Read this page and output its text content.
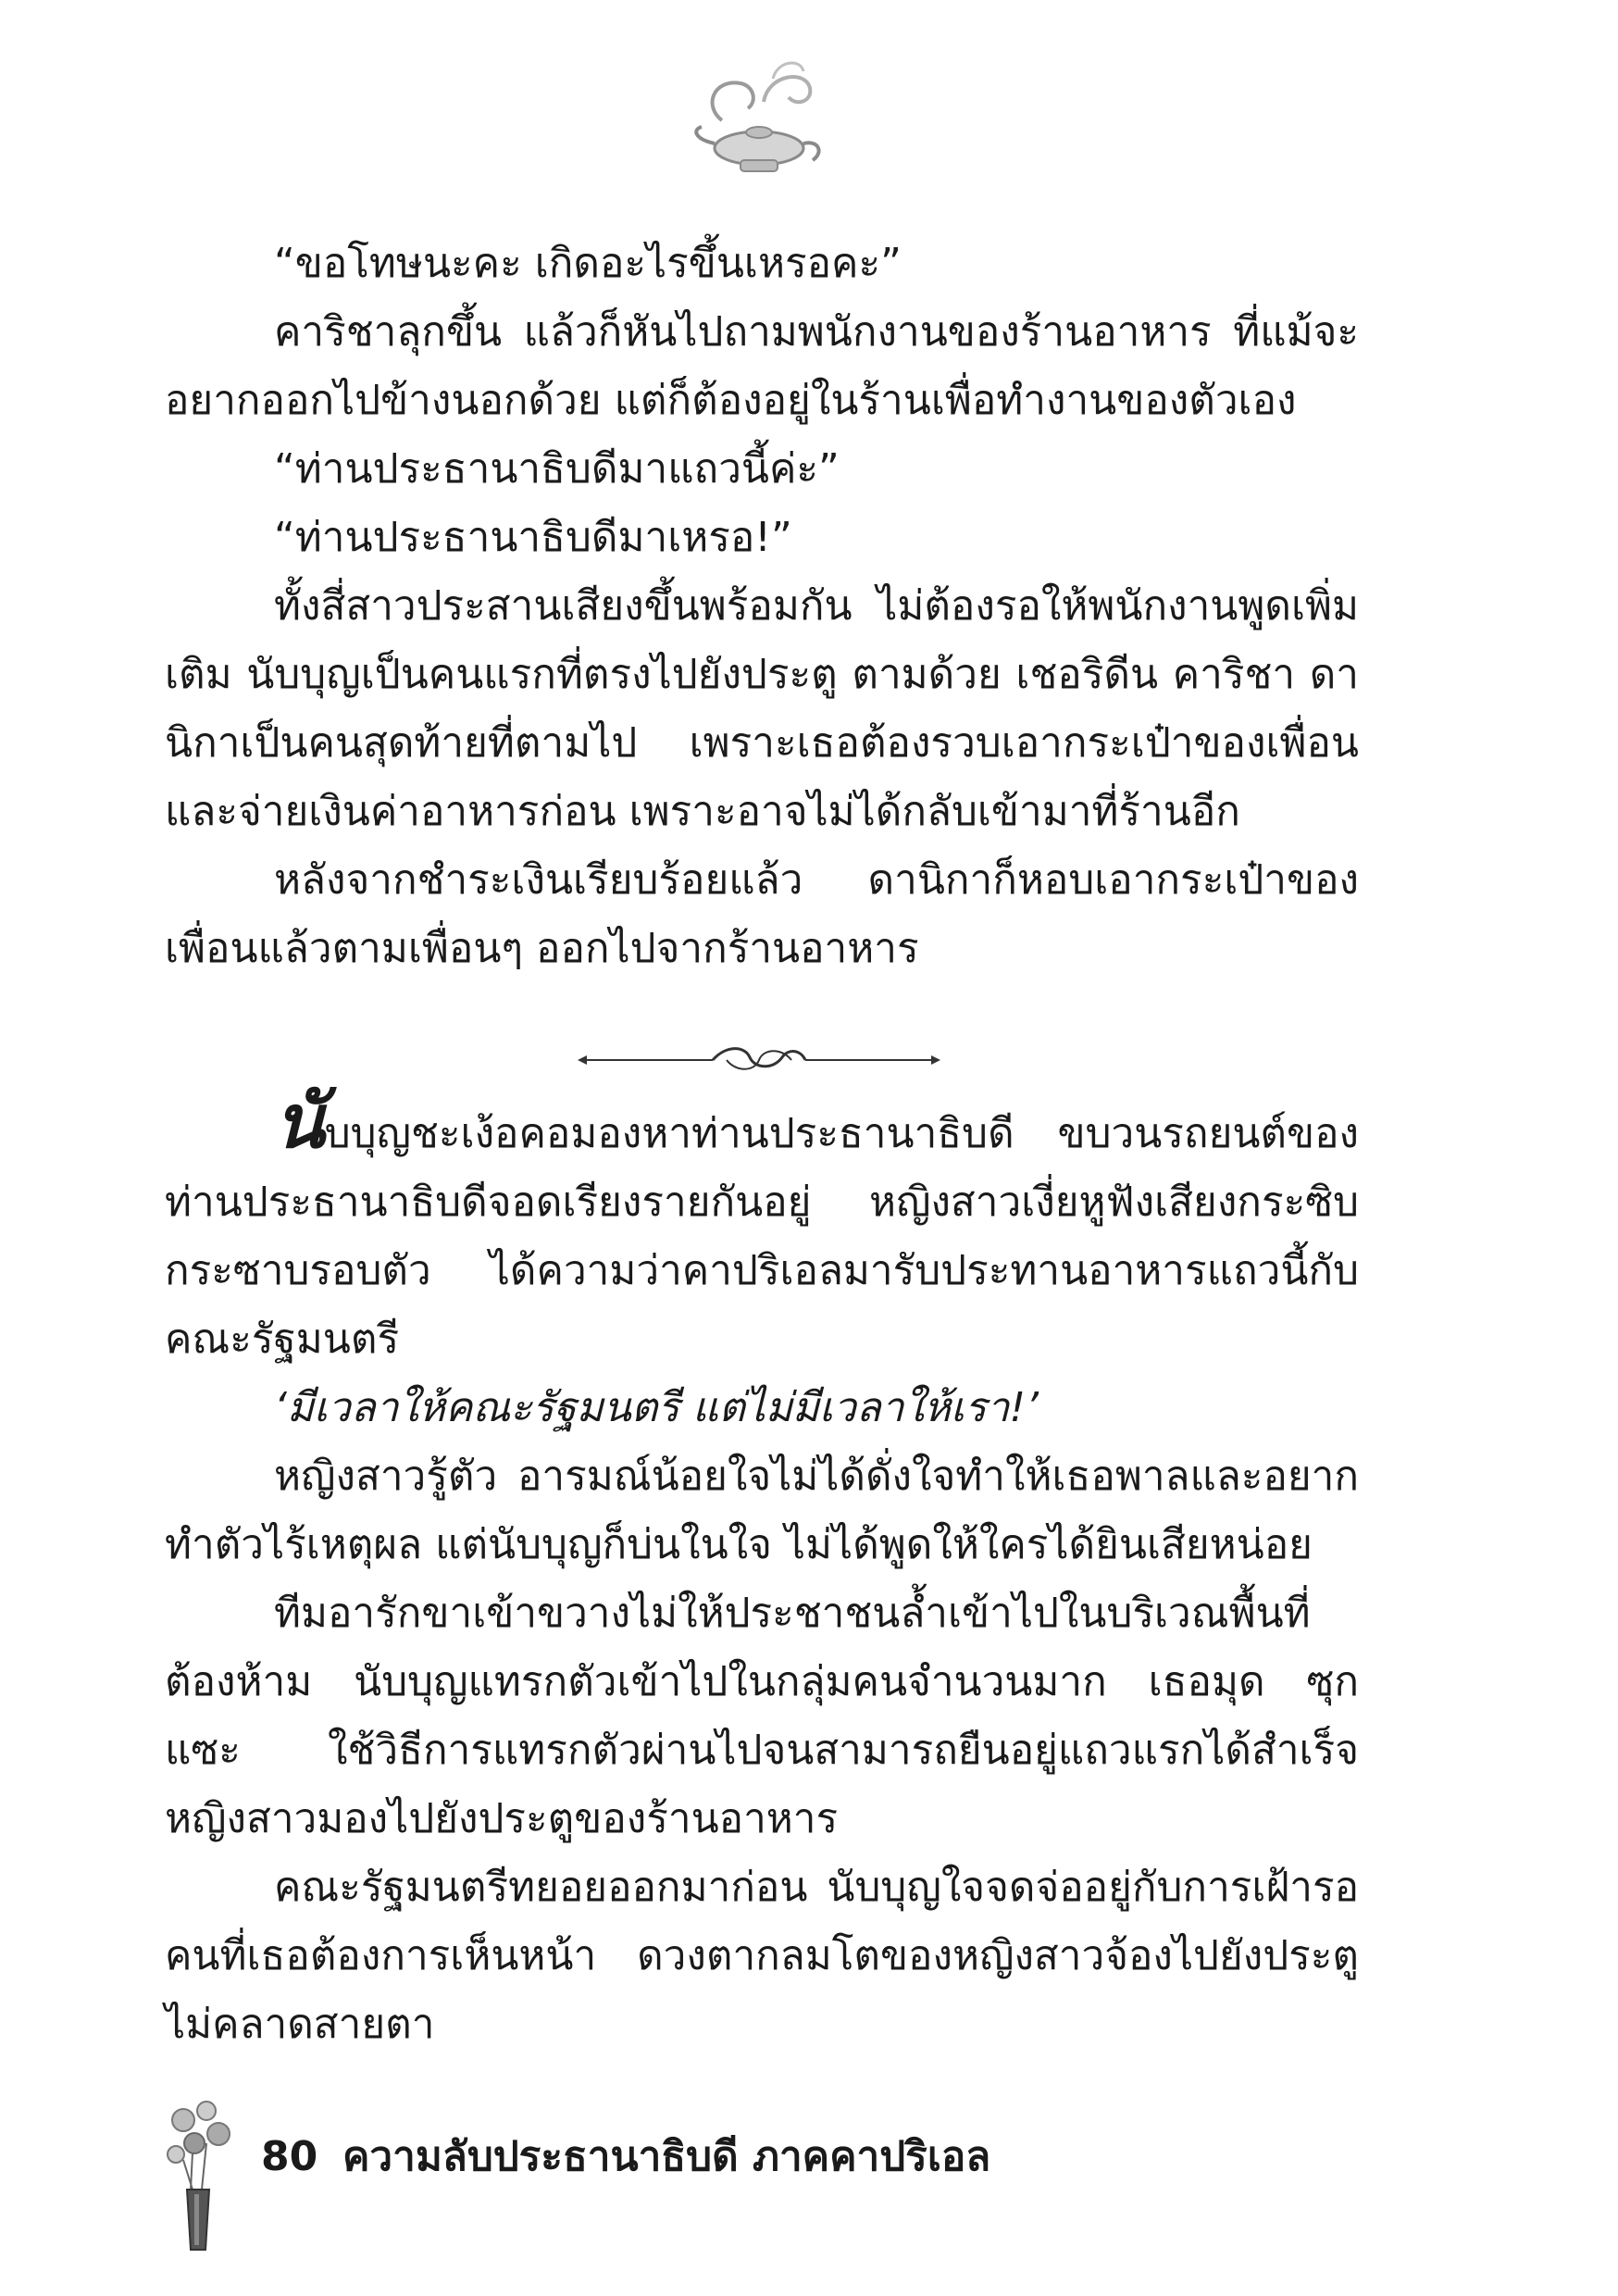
“ขอโทษนะคะ เกิดอะไรขึ้นเหรอคะ”

คาริชาลุกขึ้น แล้วก็หันไปถามพนักงานของร้านอาหาร ที่แม้จะอยากออกไปข้างนอกด้วย แต่ก็ต้องอยู่ในร้านเพื่อทำงานของตัวเอง

“ท่านประธานาธิบดีมาแถวนี้ค่ะ”

“ท่านประธานาธิบดีมาเหรอ!”

ทั้งสี่สาวประสานเสียงขึ้นพร้อมกัน ไม่ต้องรอให้พนักงานพูดเพิ่มเติม นับบุญเป็นคนแรกที่ตรงไปยังประตู ตามด้วย เชอริดีน คาริชา ดานิกาเป็นคนสุดท้ายที่ตามไป เพราะเธอต้องรวบเอากระเป๋าของเพื่อนและจ่ายเงินค่าอาหารก่อน เพราะอาจไม่ได้กลับเข้ามาที่ร้านอีก

หลังจากชำระเงินเรียบร้อยแล้ว ดานิกาก็หอบเอากระเป๋าของเพื่อนแล้วตามเพื่อนๆ ออกไปจากร้านอาหาร

นับบุญชะเง้อคอมองหาท่านประธานาธิบดี ขบวนรถยนต์ของท่านประธานาธิบดีจอดเรียงรายกันอยู่ หญิงสาวเงี่ยหูฟังเสียงกระซิบกระซาบรอบตัว ได้ความว่าคาปริเอลมารับประทานอาหารแถวนี้กับคณะรัฐมนตรี

‘มีเวลาให้คณะรัฐมนตรี แต่ไม่มีเวลาให้เรา!’

หญิงสาวรู้ตัว อารมณ์น้อยใจไม่ได้ดั่งใจทำให้เธอพาลและอยากทำตัวไร้เหตุผล แต่นับบุญก็บ่นในใจ ไม่ได้พูดให้ใครได้ยินเสียหน่อย

ทีมอารักขาเข้าขวางไม่ให้ประชาชนล้ำเข้าไปในบริเวณพื้นที่ต้องห้าม นับบุญแทรกตัวเข้าไปในกลุ่มคนจำนวนมาก เธอมุด ซุก แซะ ใช้วิธีการแทรกตัวผ่านไปจนสามารถยืนอยู่แถวแรกได้สำเร็จ หญิงสาวมองไปยังประตูของร้านอาหาร

คณะรัฐมนตรีทยอยออกมาก่อน นับบุญใจจดจ่ออยู่กับการเฝ้ารอคนที่เธอต้องการเห็นหน้า ดวงตากลมโตของหญิงสาวจ้องไปยังประตูไม่คลาดสายตา

80 ความลับประธานาธิบดี ภาคคาปริเอล
